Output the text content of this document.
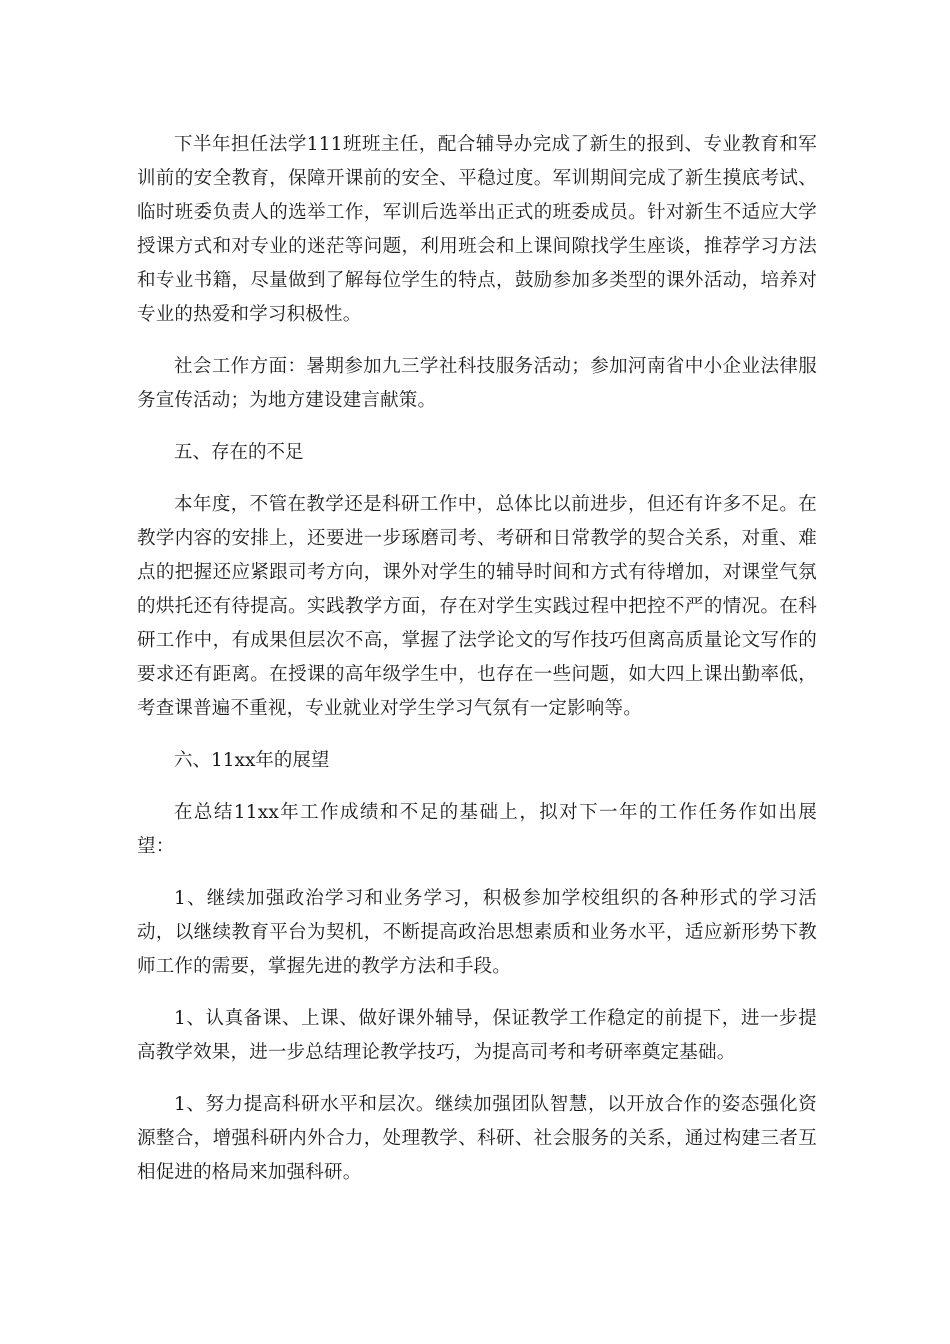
下半年担任法学111班班主任，配合辅导办完成了新生的报到、专业教育和军训前的安全教育，保障开课前的安全、平稳过度。军训期间完成了新生摸底考试、临时班委负责人的选举工作，军训后选举出正式的班委成员。针对新生不适应大学授课方式和对专业的迷茫等问题，利用班会和上课间隙找学生座谈，推荐学习方法和专业书籍，尽量做到了解每位学生的特点，鼓励参加多类型的课外活动，培养对专业的热爱和学习积极性。

社会工作方面：暑期参加九三学社科技服务活动；参加河南省中小企业法律服务宣传活动；为地方建设建言献策。

五、存在的不足

本年度，不管在教学还是科研工作中，总体比以前进步，但还有许多不足。在教学内容的安排上，还要进一步琢磨司考、考研和日常教学的契合关系，对重、难点的把握还应紧跟司考方向，课外对学生的辅导时间和方式有待增加，对课堂气氛的烘托还有待提高。实践教学方面，存在对学生实践过程中把控不严的情况。在科研工作中，有成果但层次不高，掌握了法学论文的写作技巧但离高质量论文写作的要求还有距离。在授课的高年级学生中，也存在一些问题，如大四上课出勤率低，考查课普遍不重视，专业就业对学生学习气氛有一定影响等。

六、11xx年的展望

在总结11xx年工作成绩和不足的基础上，拟对下一年的工作任务作如出展望：

1、继续加强政治学习和业务学习，积极参加学校组织的各种形式的学习活动，以继续教育平台为契机，不断提高政治思想素质和业务水平，适应新形势下教师工作的需要，掌握先进的教学方法和手段。

1、认真备课、上课、做好课外辅导，保证教学工作稳定的前提下，进一步提高教学效果，进一步总结理论教学技巧，为提高司考和考研率奠定基础。

1、努力提高科研水平和层次。继续加强团队智慧，以开放合作的姿态强化资源整合，增强科研内外合力，处理教学、科研、社会服务的关系，通过构建三者互相促进的格局来加强科研。
